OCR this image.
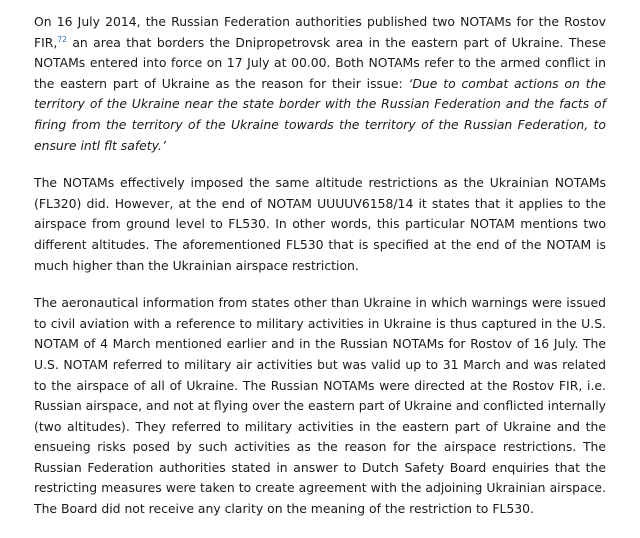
On 16 July 2014, the Russian Federation authorities published two NOTAMs for the Rostov FIR,$^{72}$ an area that borders the Dnipropetrovsk area in the eastern part of Ukraine. These NOTAMs entered into force on 17 July at 00.00. Both NOTAMs refer to the armed conflict in the eastern part of Ukraine as the reason for their issue: ‘Due to combat actions on the territory of the Ukraine near the state border with the Russian Federation and the facts of firing from the territory of the Ukraine towards the territory of the Russian Federation, to ensure intl flt safety.’

The NOTAMs effectively imposed the same altitude restrictions as the Ukrainian NOTAMs (FL320) did. However, at the end of NOTAM UUUUV6158/14 it states that it applies to the airspace from ground level to FL530. In other words, this particular NOTAM mentions two different altitudes. The aforementioned FL530 that is specified at the end of the NOTAM is much higher than the Ukrainian airspace restriction.

The aeronautical information from states other than Ukraine in which warnings were issued to civil aviation with a reference to military activities in Ukraine is thus captured in the U.S. NOTAM of 4 March mentioned earlier and in the Russian NOTAMs for Rostov of 16 July. The U.S. NOTAM referred to military air activities but was valid up to 31 March and was related to the airspace of all of Ukraine. The Russian NOTAMs were directed at the Rostov FIR, i.e. Russian airspace, and not at flying over the eastern part of Ukraine and conflicted internally (two altitudes). They referred to military activities in the eastern part of Ukraine and the ensueing risks posed by such activities as the reason for the airspace restrictions. The Russian Federation authorities stated in answer to Dutch Safety Board enquiries that the restricting measures were taken to create agreement with the adjoining Ukrainian airspace. The Board did not receive any clarity on the meaning of the restriction to FL530.
